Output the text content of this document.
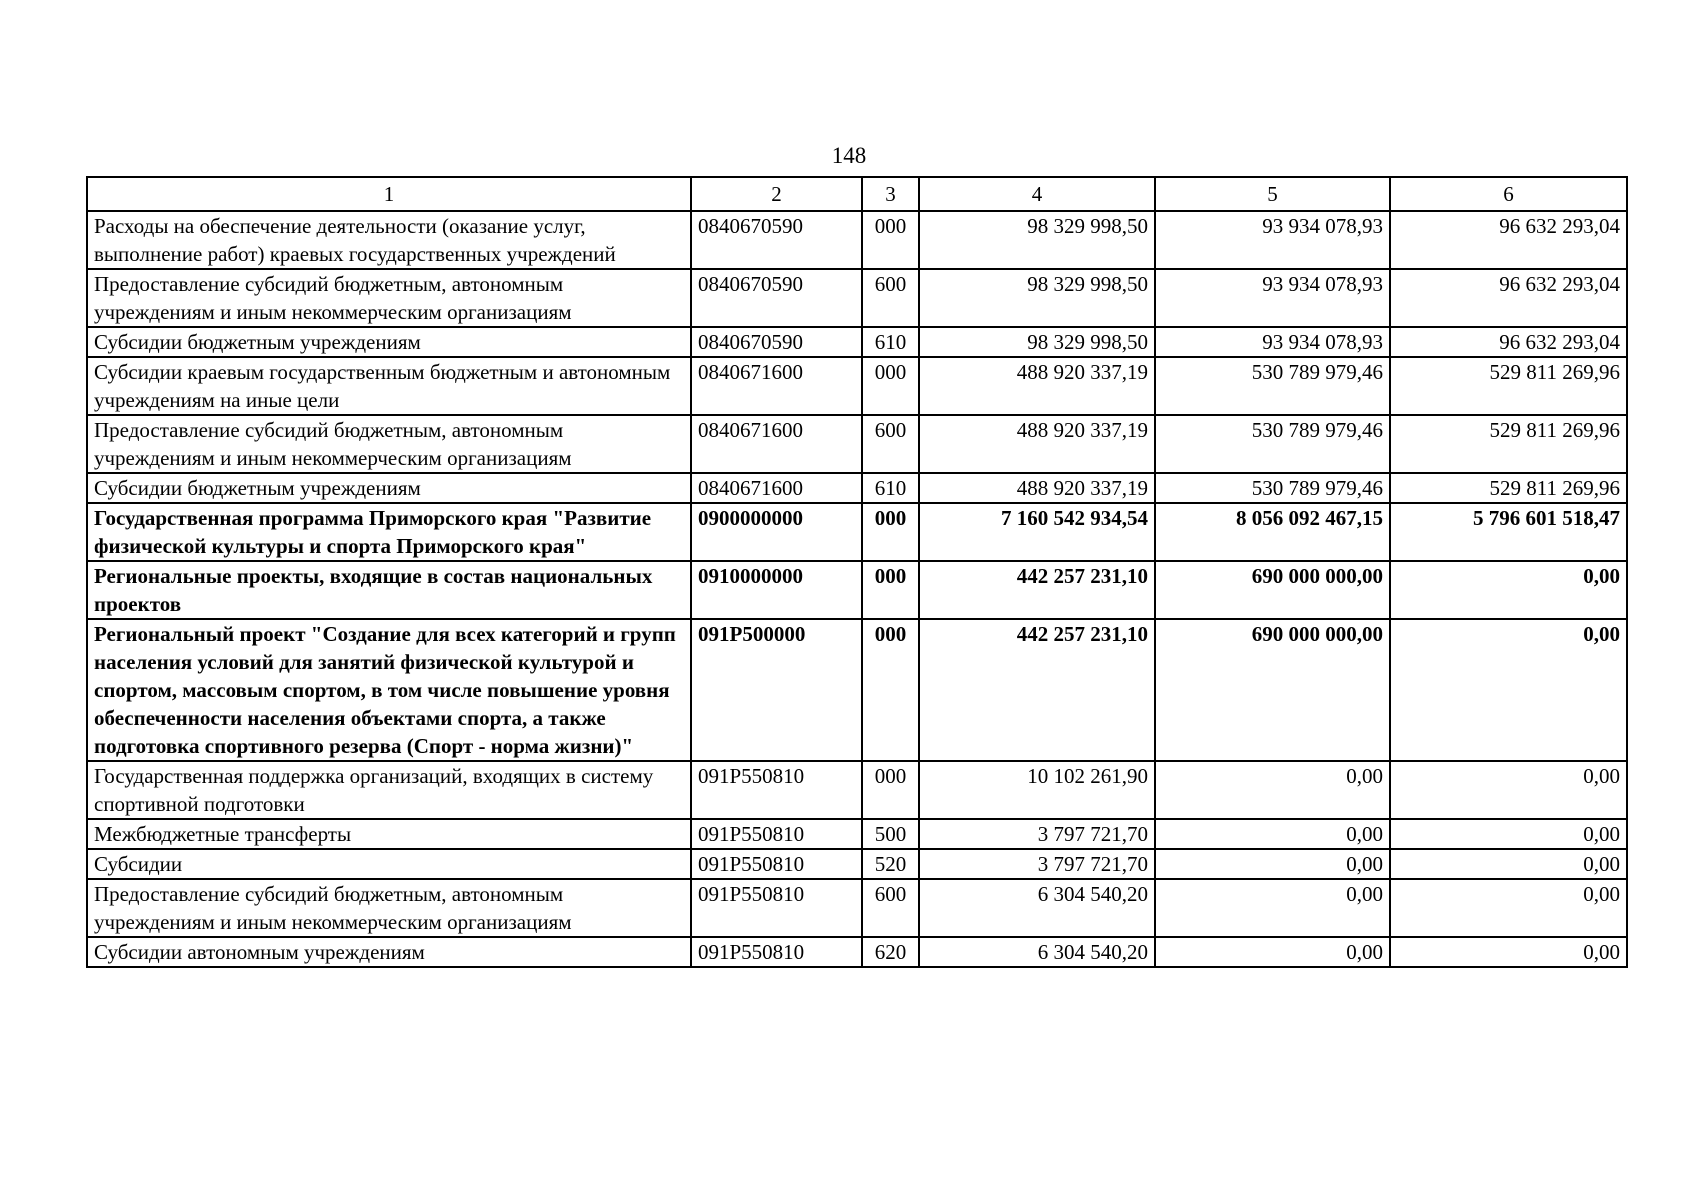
148
1	2	3	4	5	6
Расходы на обеспечение деятельности (оказание услуг, выполнение работ) краевых государственных учреждений	0840670590	000	98 329 998,50	93 934 078,93	96 632 293,04
Предоставление субсидий бюджетным, автономным учреждениям и иным некоммерческим организациям	0840670590	600	98 329 998,50	93 934 078,93	96 632 293,04
Субсидии бюджетным учреждениям	0840670590	610	98 329 998,50	93 934 078,93	96 632 293,04
Субсидии краевым государственным бюджетным и автономным учреждениям на иные цели	0840671600	000	488 920 337,19	530 789 979,46	529 811 269,96
Предоставление субсидий бюджетным, автономным учреждениям и иным некоммерческим организациям	0840671600	600	488 920 337,19	530 789 979,46	529 811 269,96
Субсидии бюджетным учреждениям	0840671600	610	488 920 337,19	530 789 979,46	529 811 269,96
Государственная программа Приморского края "Развитие физической культуры и спорта Приморского края"	0900000000	000	7 160 542 934,54	8 056 092 467,15	5 796 601 518,47
Региональные проекты, входящие в состав национальных проектов	0910000000	000	442 257 231,10	690 000 000,00	0,00
Региональный проект "Создание для всех категорий и групп населения условий для занятий физической культурой и спортом, массовым спортом, в том числе повышение уровня обеспеченности населения объектами спорта, а также подготовка спортивного резерва (Спорт - норма жизни)"	091P500000	000	442 257 231,10	690 000 000,00	0,00
Государственная поддержка организаций, входящих в систему спортивной подготовки	091P550810	000	10 102 261,90	0,00	0,00
Межбюджетные трансферты	091P550810	500	3 797 721,70	0,00	0,00
Субсидии	091P550810	520	3 797 721,70	0,00	0,00
Предоставление субсидий бюджетным, автономным учреждениям и иным некоммерческим организациям	091P550810	600	6 304 540,20	0,00	0,00
Субсидии автономным учреждениям	091P550810	620	6 304 540,20	0,00	0,00
